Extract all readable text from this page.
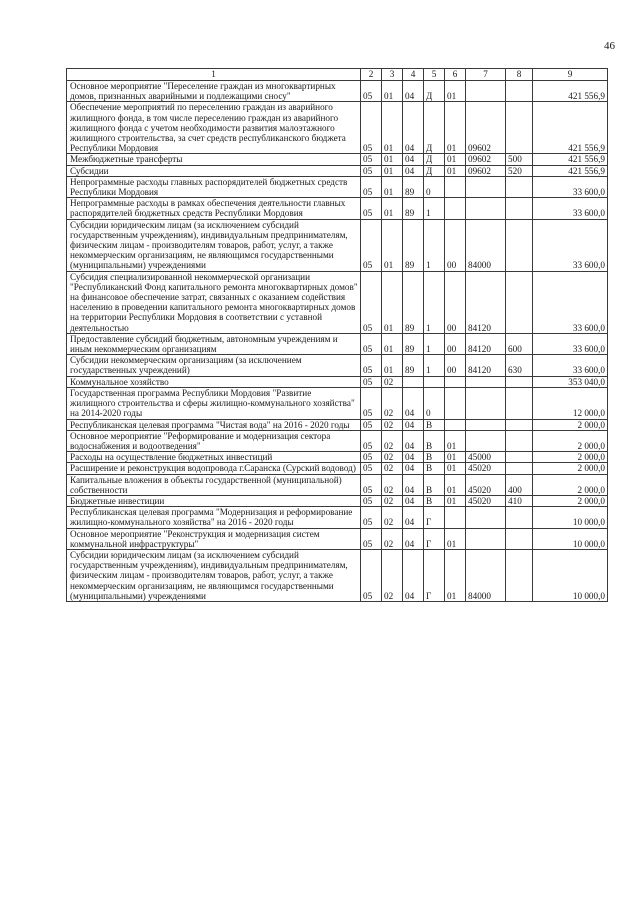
46
1	2	3	4	5	6	7	8	9
Основное мероприятие "Переселение граждан из многоквартирных домов, признанных аварийными и подлежащими сносу"	05	01	04	Д	01			421 556,9
Обеспечение мероприятий по переселению граждан из аварийного жилищного фонда, в том числе переселению граждан из аварийного жилищного фонда с учетом необходимости развития малоэтажного жилищного строительства, за счет средств республиканского бюджета Республики Мордовия	05	01	04	Д	01	09602		421 556,9
Межбюджетные трансферты	05	01	04	Д	01	09602	500	421 556,9
Субсидии	05	01	04	Д	01	09602	520	421 556,9
Непрограммные расходы главных распорядителей бюджетных средств Республики Мордовия	05	01	89	0				33 600,0
Непрограммные расходы в рамках обеспечения деятельности главных распорядителей бюджетных средств Республики Мордовия	05	01	89	1				33 600,0
Субсидии юридическим лицам (за исключением субсидий государственным учреждениям), индивидуальным предпринимателям, физическим лицам - производителям товаров, работ, услуг, а также некоммерческим организациям, не являющимся государственными (муниципальными) учреждениями	05	01	89	1	00	84000		33 600,0
Субсидия специализированной некоммерческой организации "Республиканский Фонд капитального ремонта многоквартирных домов" на финансовое обеспечение затрат, связанных с оказанием содействия населению в проведении капитального ремонта многоквартирных домов на территории Республики Мордовия в соответствии с уставной деятельностью	05	01	89	1	00	84120		33 600,0
Предоставление субсидий бюджетным, автономным учреждениям и иным некоммерческим организациям	05	01	89	1	00	84120	600	33 600,0
Субсидии некоммерческим организациям (за исключением государственных учреждений)	05	01	89	1	00	84120	630	33 600,0
Коммунальное хозяйство	05	02						353 040,0
Государственная программа Республики Мордовия "Развитие жилищного строительства и сферы жилищно-коммунального хозяйства" на 2014-2020 годы	05	02	04	0				12 000,0
Республиканская целевая программа "Чистая вода" на 2016 - 2020 годы	05	02	04	В				2 000,0
Основное мероприятие "Реформирование и модернизация сектора водоснабжения и водоотведения"	05	02	04	В	01			2 000,0
Расходы на осуществление бюджетных инвестиций	05	02	04	В	01	45000		2 000,0
Расширение и реконструкция водопровода г.Саранска (Сурский водовод)	05	02	04	В	01	45020		2 000,0
Капитальные вложения в объекты государственной (муниципальной) собственности	05	02	04	В	01	45020	400	2 000,0
Бюджетные инвестиции	05	02	04	В	01	45020	410	2 000,0
Республиканская целевая программа "Модернизация и реформирование жилищно-коммунального хозяйства" на 2016 - 2020 годы	05	02	04	Г				10 000,0
Основное мероприятие "Реконструкция и модернизация систем коммунальной инфраструктуры"	05	02	04	Г	01			10 000,0
Субсидии юридическим лицам (за исключением субсидий государственным учреждениям), индивидуальным предпринимателям, физическим лицам - производителям товаров, работ, услуг, а также некоммерческим организациям, не являющимся государственными (муниципальными) учреждениями	05	02	04	Г	01	84000		10 000,0
